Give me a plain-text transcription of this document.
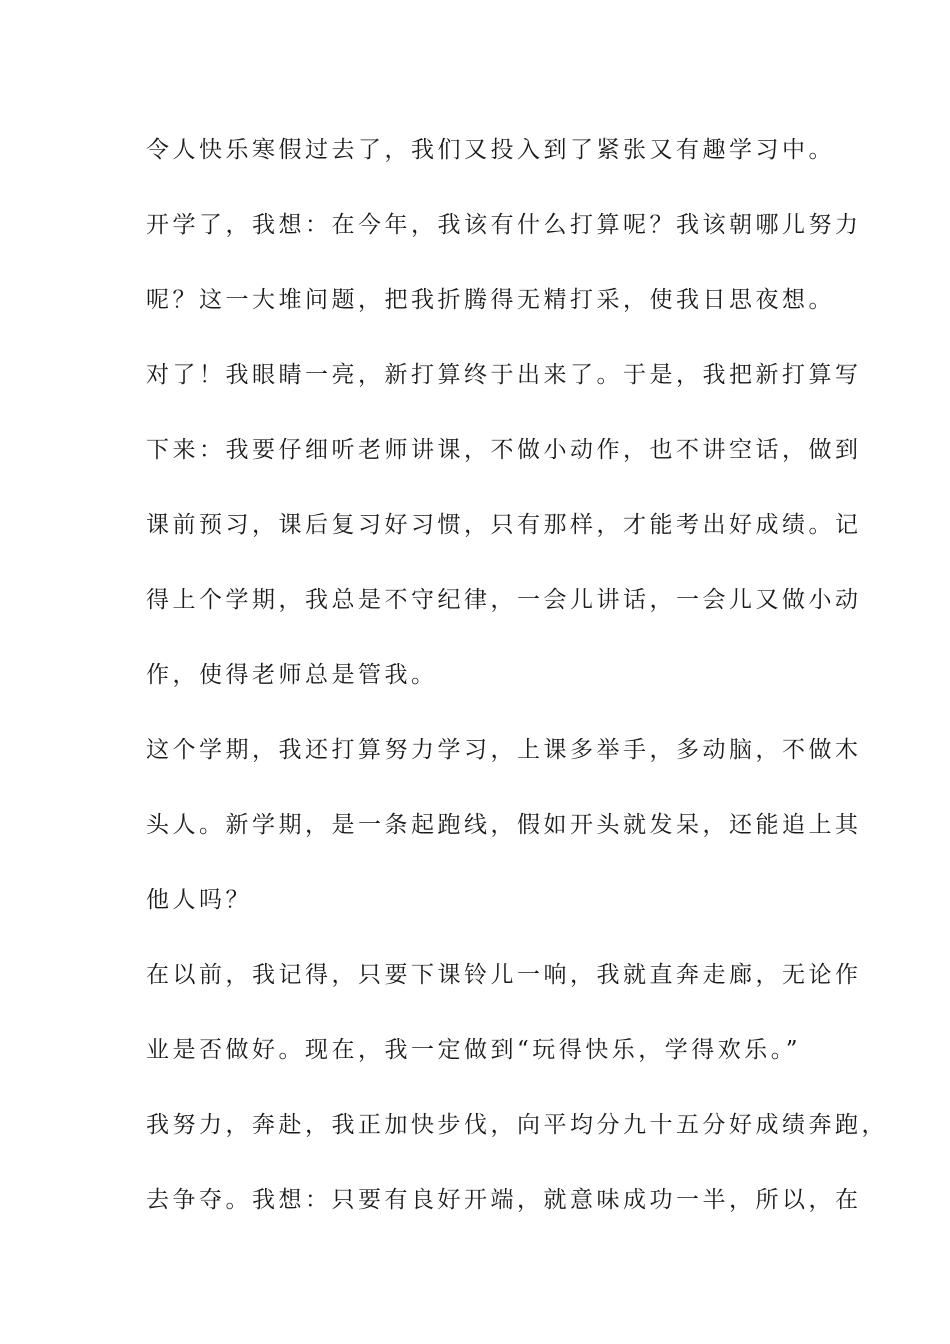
令人快乐寒假过去了，我们又投入到了紧张又有趣学习中。
开学了，我想：在今年，我该有什么打算呢？我该朝哪儿努力
呢？这一大堆问题，把我折腾得无精打采，使我日思夜想。
对了！我眼睛一亮，新打算终于出来了。于是，我把新打算写
下来：我要仔细听老师讲课，不做小动作，也不讲空话，做到
课前预习，课后复习好习惯，只有那样，才能考出好成绩。记
得上个学期，我总是不守纪律，一会儿讲话，一会儿又做小动
作，使得老师总是管我。
这个学期，我还打算努力学习，上课多举手，多动脑，不做木
头人。新学期，是一条起跑线，假如开头就发呆，还能追上其
他人吗？
在以前，我记得，只要下课铃儿一响，我就直奔走廊，无论作
业是否做好。现在，我一定做到“玩得快乐，学得欢乐。”
我努力，奔赴，我正加快步伐，向平均分九十五分好成绩奔跑，
去争夺。我想：只要有良好开端，就意味成功一半，所以，在
